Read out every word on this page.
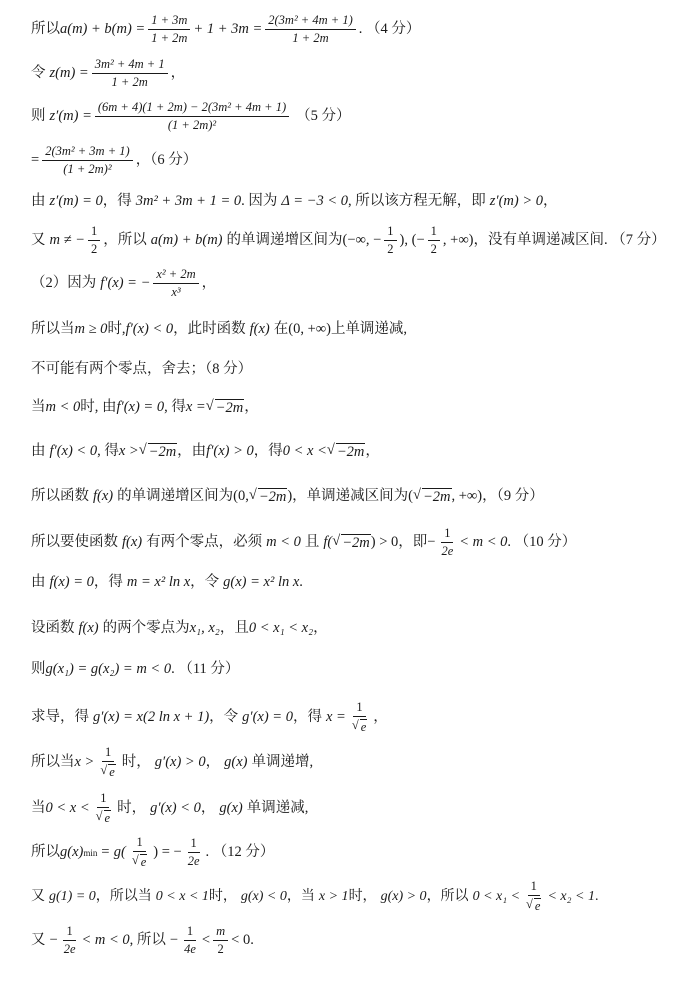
所以 $a(m) + b(m) = \frac{1 + 3m}{1 + 2m} + 1 + 3m = \frac{\text{2(3m² + 4m + 1)}}{1 + 2m}$ . （4 分）
令 $z(m) = \frac{\text{3m² + 4m + 1}}{1 + 2m}$ ，
则 $z'(m) = \frac{\text{(6m + 4)(1 + 2m) − 2(3m² + 4m + 1)}}{\text{(1 + 2m)²}} (5$ 分）
= $\frac{\text{2(3m² + 3m + 1)}}{\text{(1 + 2m)²}}$ ，（6 分）
由 z′(m) = 0 ，得 3m² + 3m + 1 = 0 . 因为 Δ = −3 < 0 , 所以该方程无解，即 z′(m) > 0 ，
又 m ≠ − $\frac{1}{2}$ ，所以 a(m) + b(m) 的单调递增区间为 (−∞, − $\frac{1}{2}$ ), (− $\frac{1}{2}$ , +∞) ，没有单调递减区间. （7 分）
（2）因为 f′(x) = − $\frac{\text{x² + 2m}}{\text{x³}}$ ，
所以当 m ≥ 0 时, f′(x) < 0 ，此时函数 f(x) 在 (0, +∞) 上单调递减,
不可能有两个零点，舍去；（8 分）
当 m < 0 时, 由 f′(x) = 0 , 得 x = √ −2m ，
由 f′(x) < 0 , 得 x > √ −2m ，由 f′(x) > 0 ，得 0 < x < √ −2m ，
所以函数 f(x) 的单调递增区间为 (0, √ −2m ) ，单调递减区间为 ( √ −2m , +∞) ，（9 分）
所以要使函数 f(x) 有两个零点，必须 m < 0 且 f( √ −2m ) > 0 ，即 − $\frac{1}{2e} < m < 0$ . （10 分）
由 f(x) = 0 ，得 m = x² ln x ，令 g(x) = x² ln x .
设函数 f(x) 的两个零点为 x₁, x₂ ，且 0 < x₁ < x₂ ，
则 g(x₁) = g(x₂) = m < 0 . （11 分）
求导，得 g′(x) = x(2 ln x + 1) ，令 g′(x) = 0 ，得 $x = \frac{1}{√ e}$ ，
所以当 $x > \frac{1}{√ e}$ 时， g′(x) > 0 ， g(x) 单调递增,
当 $0 < x < \frac{1}{√ e}$ 时， g′(x) < 0 ， g(x) 单调递减,
所以 g(x) $\min = g( \frac{1}{√ e}$ ) = − $\frac{1}{2e}$ . （12 分）
又 g(1) = 0 ，所以当 0 < x < 1 时， g(x) < 0 ，当 x > 1 时， g(x) > 0 ，所以 $0 < x_1 < \frac{1}{√ e} < x_2 < 1$ .
又 − $\frac{1}{2e} < m < 0$ , 所以 − $\frac{1}{4e} < \frac{m}{2} < 0$ .
